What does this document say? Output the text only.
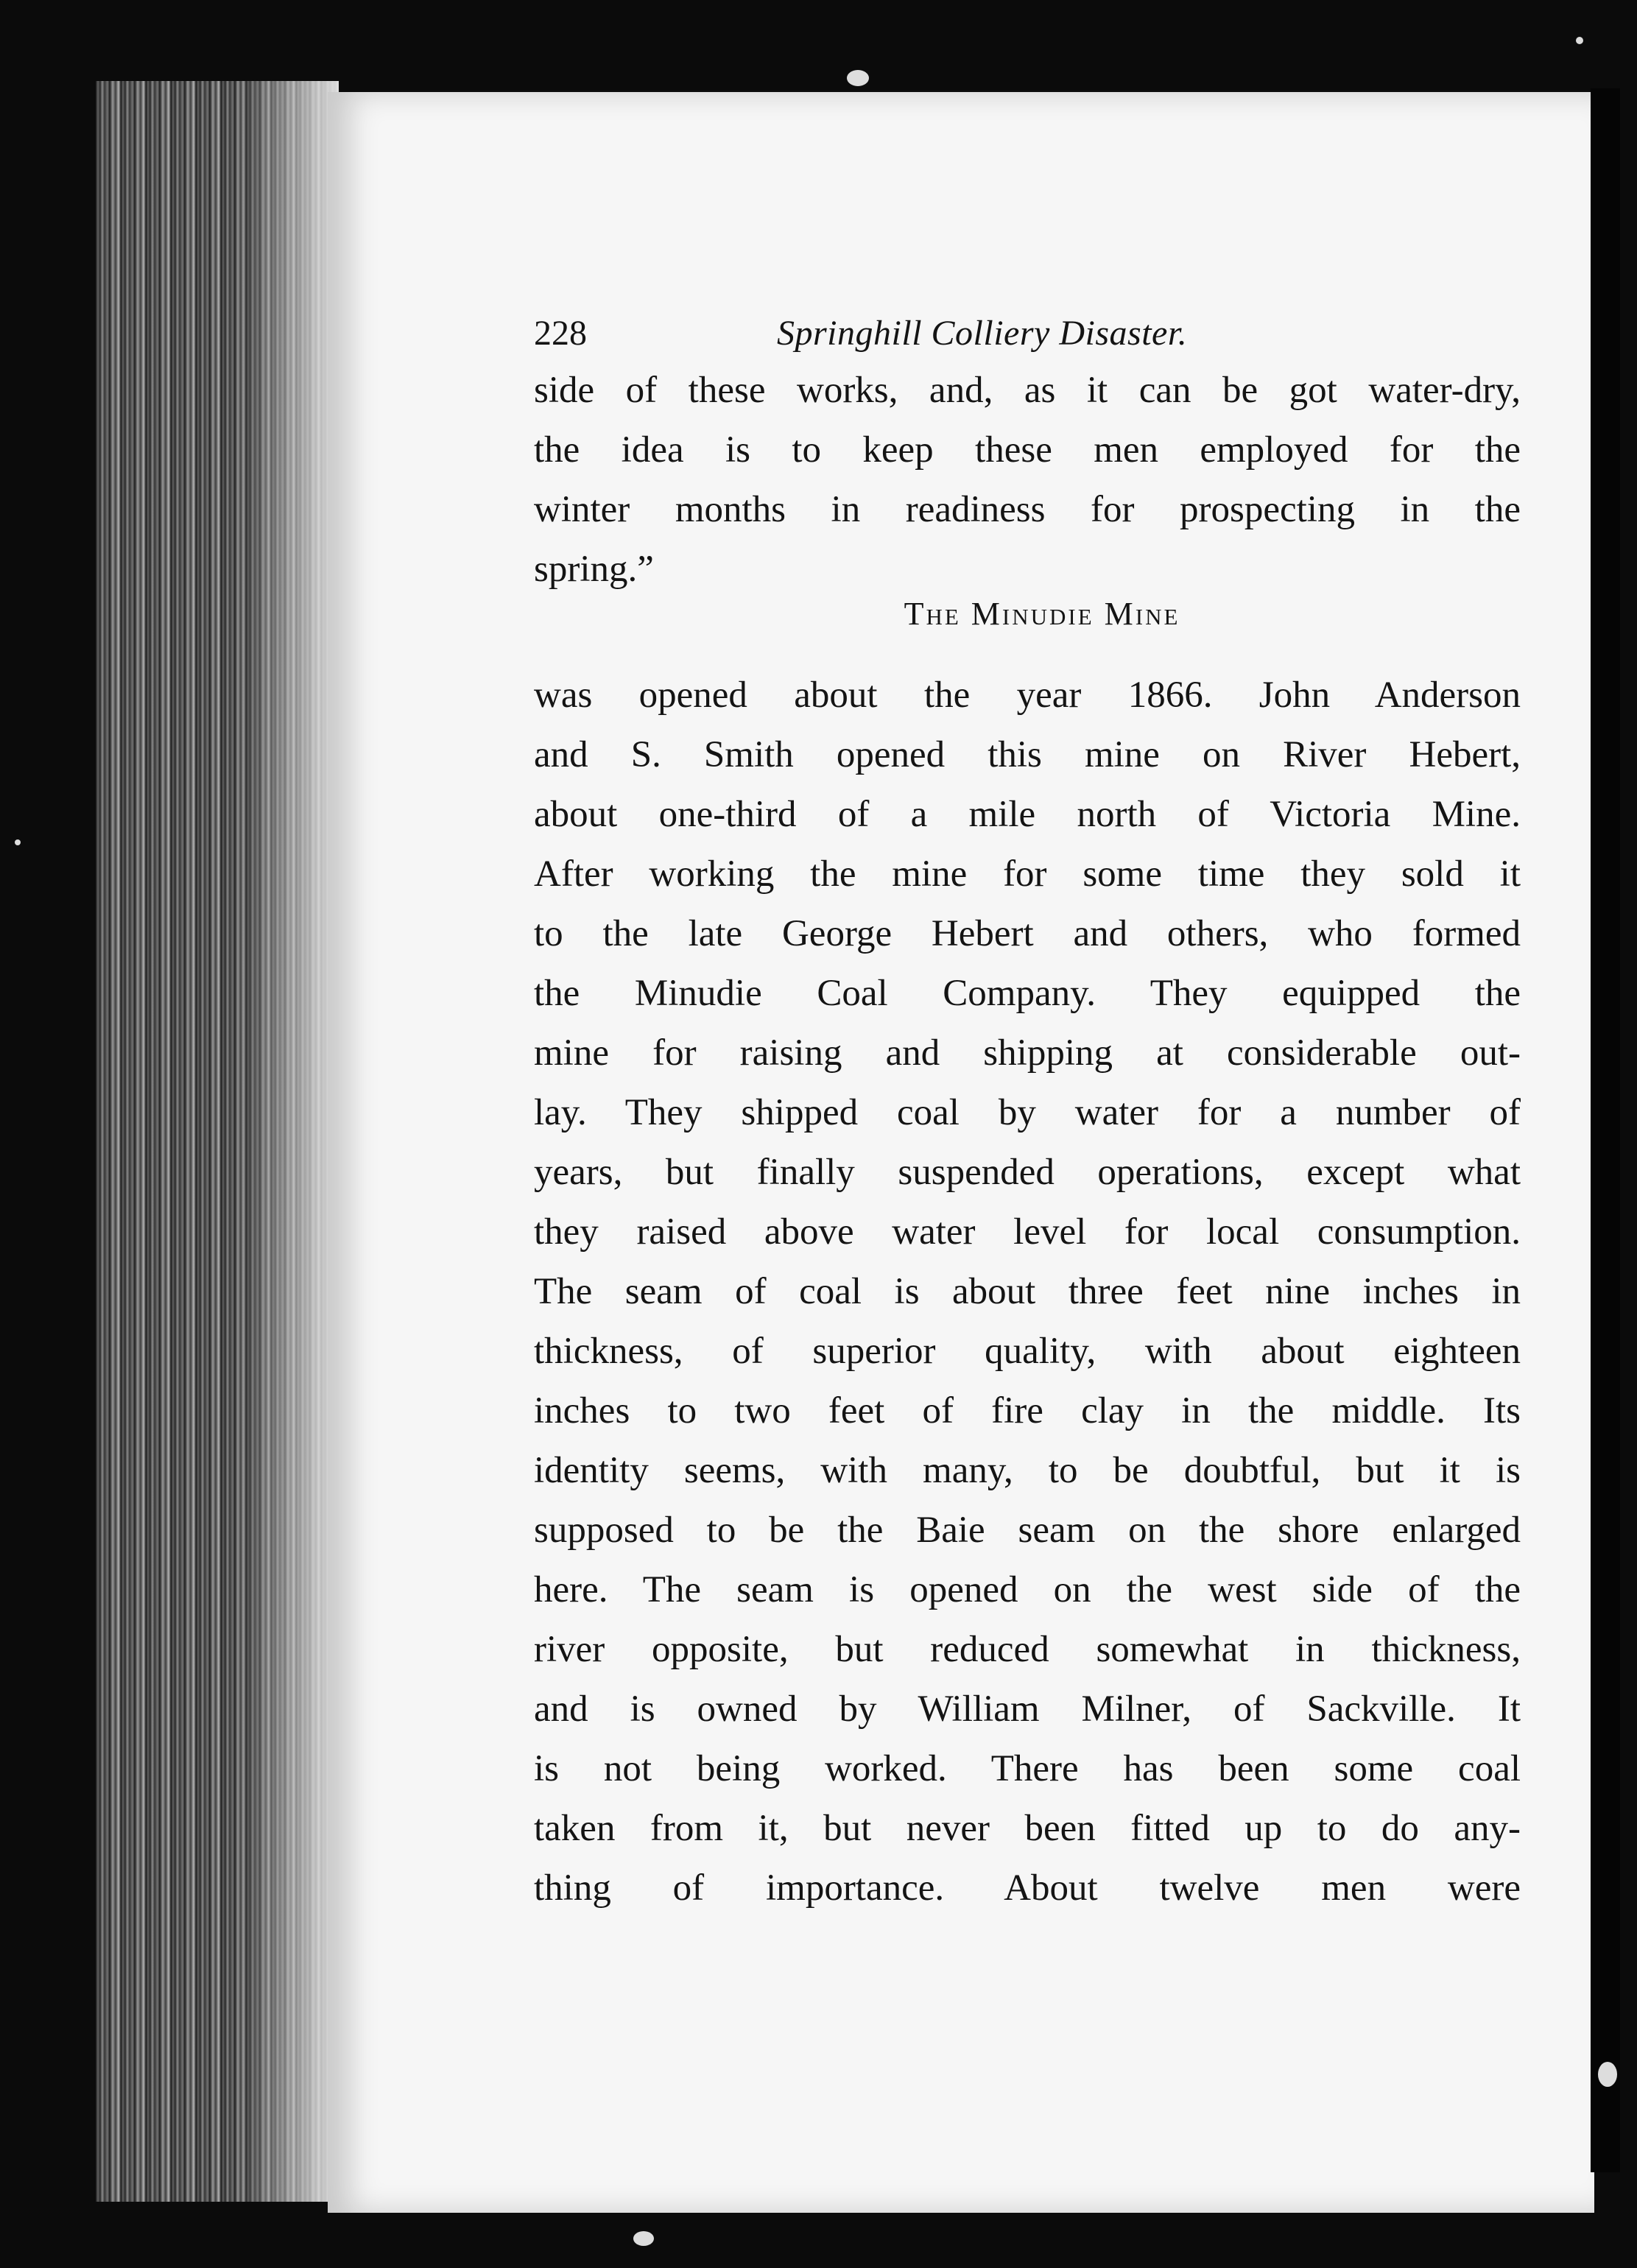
228	Springhill Colliery Disaster.

side of these works, and, as it can be got water-dry,
the idea is to keep these men employed for the
winter months in readiness for prospecting in the
spring.”

The Minudie Mine

was opened about the year 1866. John Anderson
and S. Smith opened this mine on River Hebert,
about one-third of a mile north of Victoria Mine.
After working the mine for some time they sold it
to the late George Hebert and others, who formed
the Minudie Coal Company. They equipped the
mine for raising and shipping at considerable out-
lay. They shipped coal by water for a number of
years, but finally suspended operations, except what
they raised above water level for local consumption.
The seam of coal is about three feet nine inches in
thickness, of superior quality, with about eighteen
inches to two feet of fire clay in the middle. Its
identity seems, with many, to be doubtful, but it is
supposed to be the Baie seam on the shore enlarged
here. The seam is opened on the west side of the
river opposite, but reduced somewhat in thickness,
and is owned by William Milner, of Sackville. It
is not being worked. There has been some coal
taken from it, but never been fitted up to do any-
thing of importance. About twelve men were
